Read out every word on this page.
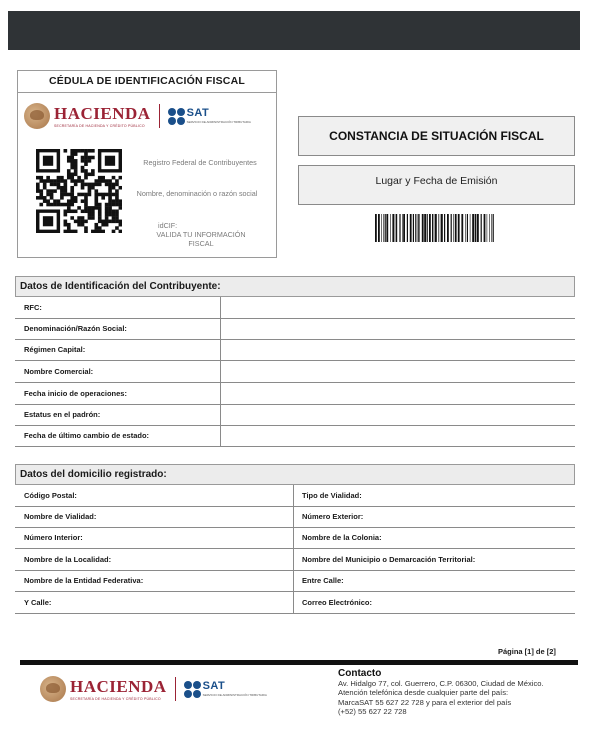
CÉDULA DE IDENTIFICACIÓN FISCAL
HACIENDA
SECRETARÍA DE HACIENDA Y CRÉDITO PÚBLICO
SAT
SERVICIO DE ADMINISTRACIÓN TRIBUTARIA
Registro Federal de Contribuyentes
Nombre, denominación o razón social
idCIF:
VALIDA TU INFORMACIÓN FISCAL
CONSTANCIA DE SITUACIÓN FISCAL
Lugar y Fecha de Emisión
Datos de Identificación del Contribuyente:
RFC:
Denominación/Razón Social:
Régimen Capital:
Nombre Comercial:
Fecha inicio de operaciones:
Estatus en el padrón:
Fecha de último cambio de estado:
Datos del domicilio registrado:
Código Postal:	Tipo de Vialidad:
Nombre de Vialidad:	Número Exterior:
Número Interior:	Nombre de la Colonia:
Nombre de la Localidad:	Nombre del Municipio o Demarcación Territorial:
Nombre de la Entidad Federativa:	Entre Calle:
Y Calle:	Correo Electrónico:
Página [1] de [2]
HACIENDA
SECRETARÍA DE HACIENDA Y CRÉDITO PÚBLICO
SAT
SERVICIO DE ADMINISTRACIÓN TRIBUTARIA
Contacto
Av. Hidalgo 77, col. Guerrero, C.P. 06300, Ciudad de México.
Atención telefónica desde cualquier parte del país:
MarcaSAT 55 627 22 728 y para el exterior del país
(+52) 55 627 22 728
